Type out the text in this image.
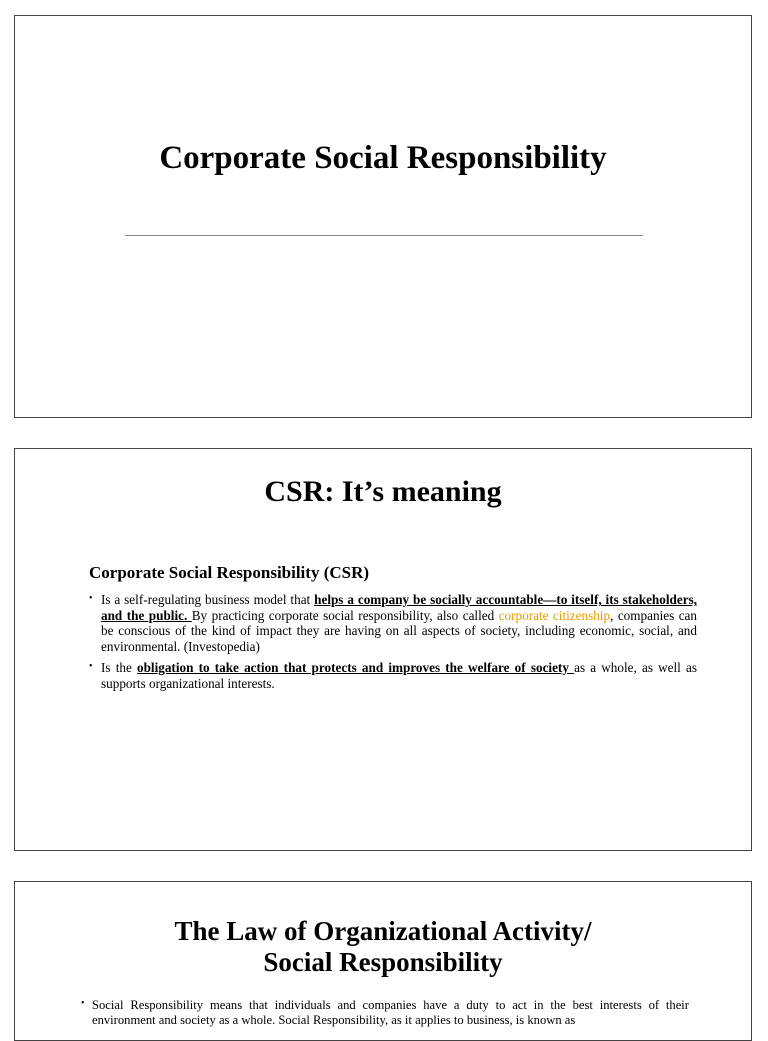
Corporate Social Responsibility
CSR: It’s meaning
Corporate Social Responsibility (CSR)
• Is a self-regulating business model that helps a company be socially accountable—to itself, its stakeholders, and the public. By practicing corporate social responsibility, also called corporate citizenship, companies can be conscious of the kind of impact they are having on all aspects of society, including economic, social, and environmental. (Investopedia)
• Is the obligation to take action that protects and improves the welfare of society as a whole, as well as supports organizational interests.
The Law of Organizational Activity/
Social Responsibility
• Social Responsibility means that individuals and companies have a duty to act in the best interests of their environment and society as a whole. Social Responsibility, as it applies to business, is known as
